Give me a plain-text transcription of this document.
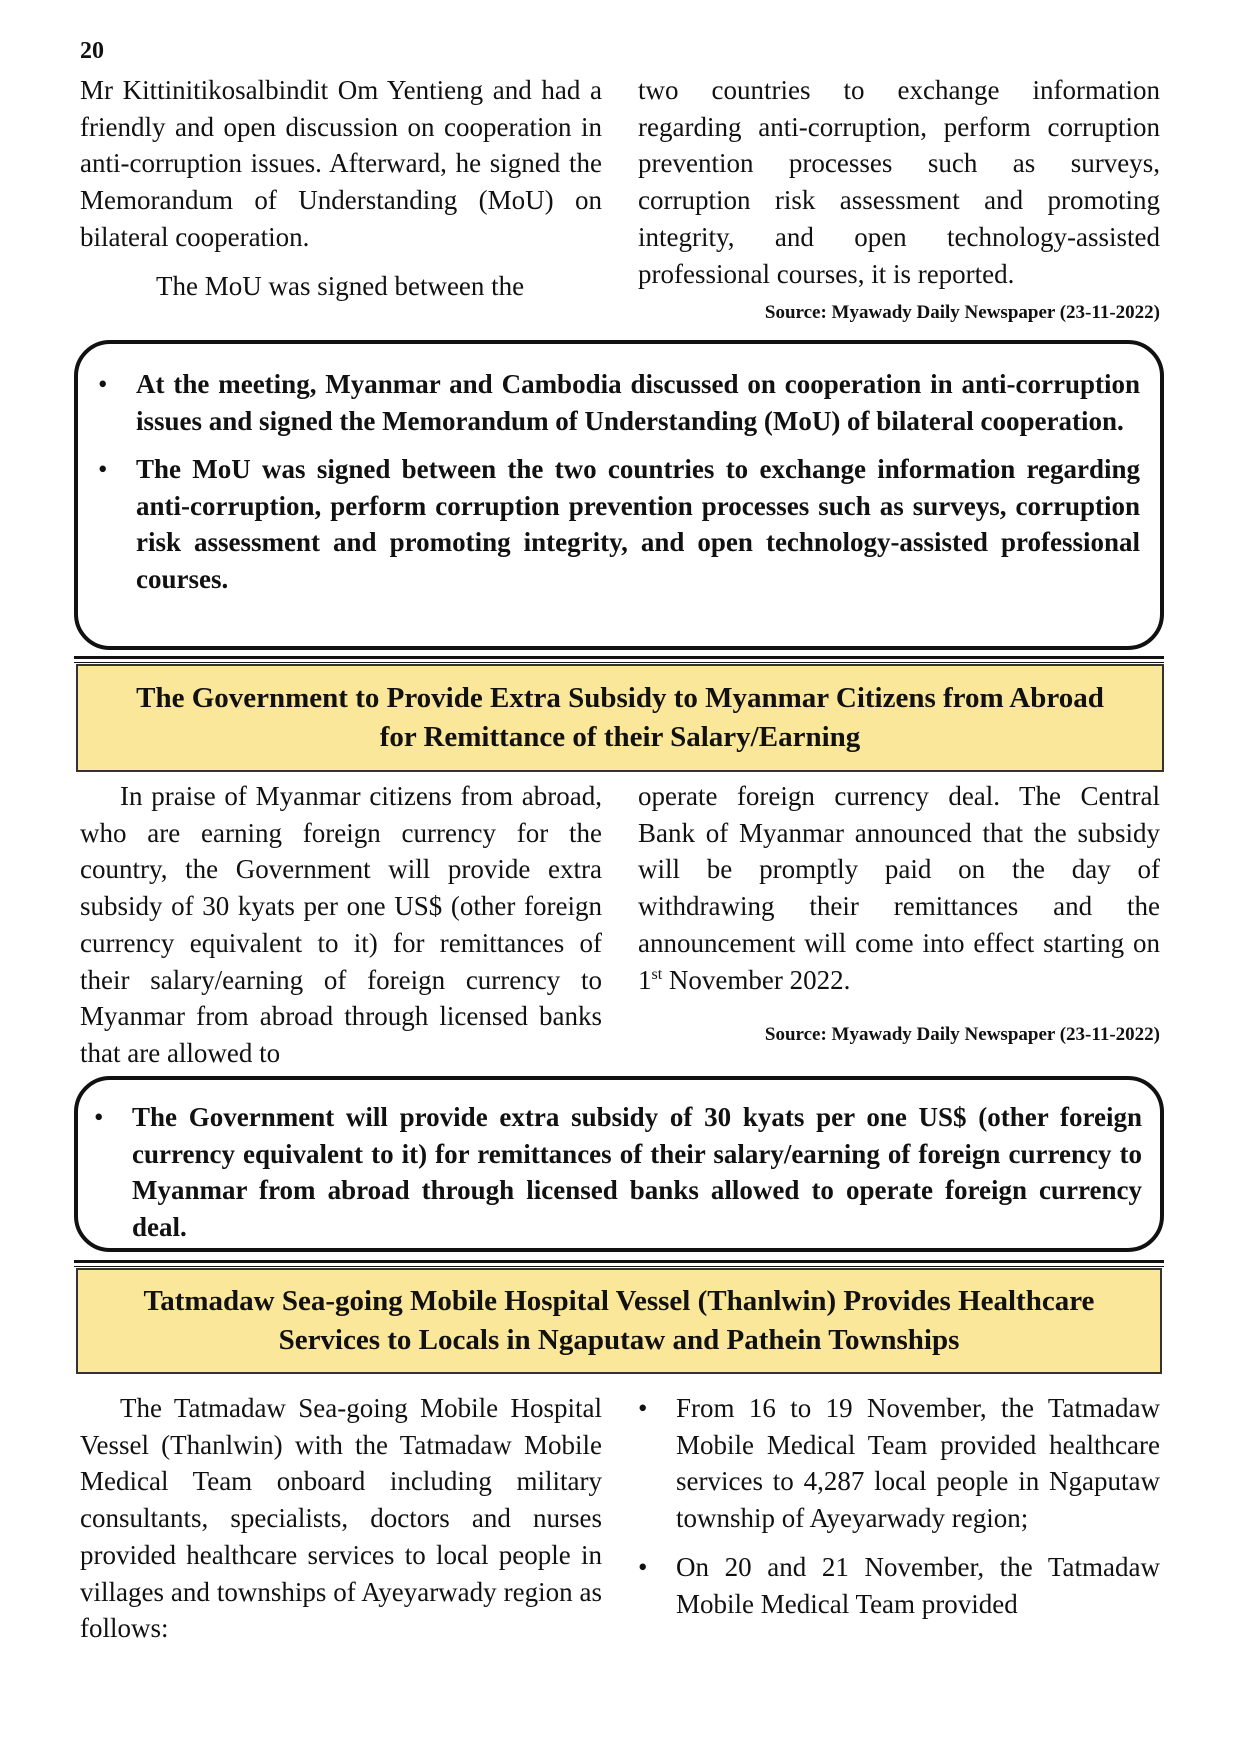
20

Mr Kittinitikosalbindit Om Yentieng and had a friendly and open discussion on cooperation in anti-corruption issues. Afterward, he signed the Memorandum of Understanding (MoU) on bilateral cooperation.

The MoU was signed between the

two countries to exchange information regarding anti-corruption, perform corruption prevention processes such as surveys, corruption risk assessment and promoting integrity, and open technology-assisted professional courses, it is reported.

Source: Myawady Daily Newspaper (23-11-2022)
• At the meeting, Myanmar and Cambodia discussed on cooperation in anti-corruption issues and signed the Memorandum of Understanding (MoU) of bilateral cooperation.
• The MoU was signed between the two countries to exchange information regarding anti-corruption, perform corruption prevention processes such as surveys, corruption risk assessment and promoting integrity, and open technology-assisted professional courses.
The Government to Provide Extra Subsidy to Myanmar Citizens from Abroad
for Remittance of their Salary/Earning

In praise of Myanmar citizens from abroad, who are earning foreign currency for the country, the Government will provide extra subsidy of 30 kyats per one US$ (other foreign currency equivalent to it) for remittances of their salary/earning of foreign currency to Myanmar from abroad through licensed banks that are allowed to

operate foreign currency deal. The Central Bank of Myanmar announced that the subsidy will be promptly paid on the day of withdrawing their remittances and the announcement will come into effect starting on 1st November 2022.

Source: Myawady Daily Newspaper (23-11-2022)
• The Government will provide extra subsidy of 30 kyats per one US$ (other foreign currency equivalent to it) for remittances of their salary/earning of foreign currency to Myanmar from abroad through licensed banks allowed to operate foreign currency deal.
Tatmadaw Sea-going Mobile Hospital Vessel (Thanlwin) Provides Healthcare
Services to Locals in Ngaputaw and Pathein Townships

The Tatmadaw Sea-going Mobile Hospital Vessel (Thanlwin) with the Tatmadaw Mobile Medical Team onboard including military consultants, specialists, doctors and nurses provided healthcare services to local people in villages and townships of Ayeyarwady region as follows:

• From 16 to 19 November, the Tatmadaw Mobile Medical Team provided healthcare services to 4,287 local people in Ngaputaw township of Ayeyarwady region;
• On 20 and 21 November, the Tatmadaw Mobile Medical Team provided
